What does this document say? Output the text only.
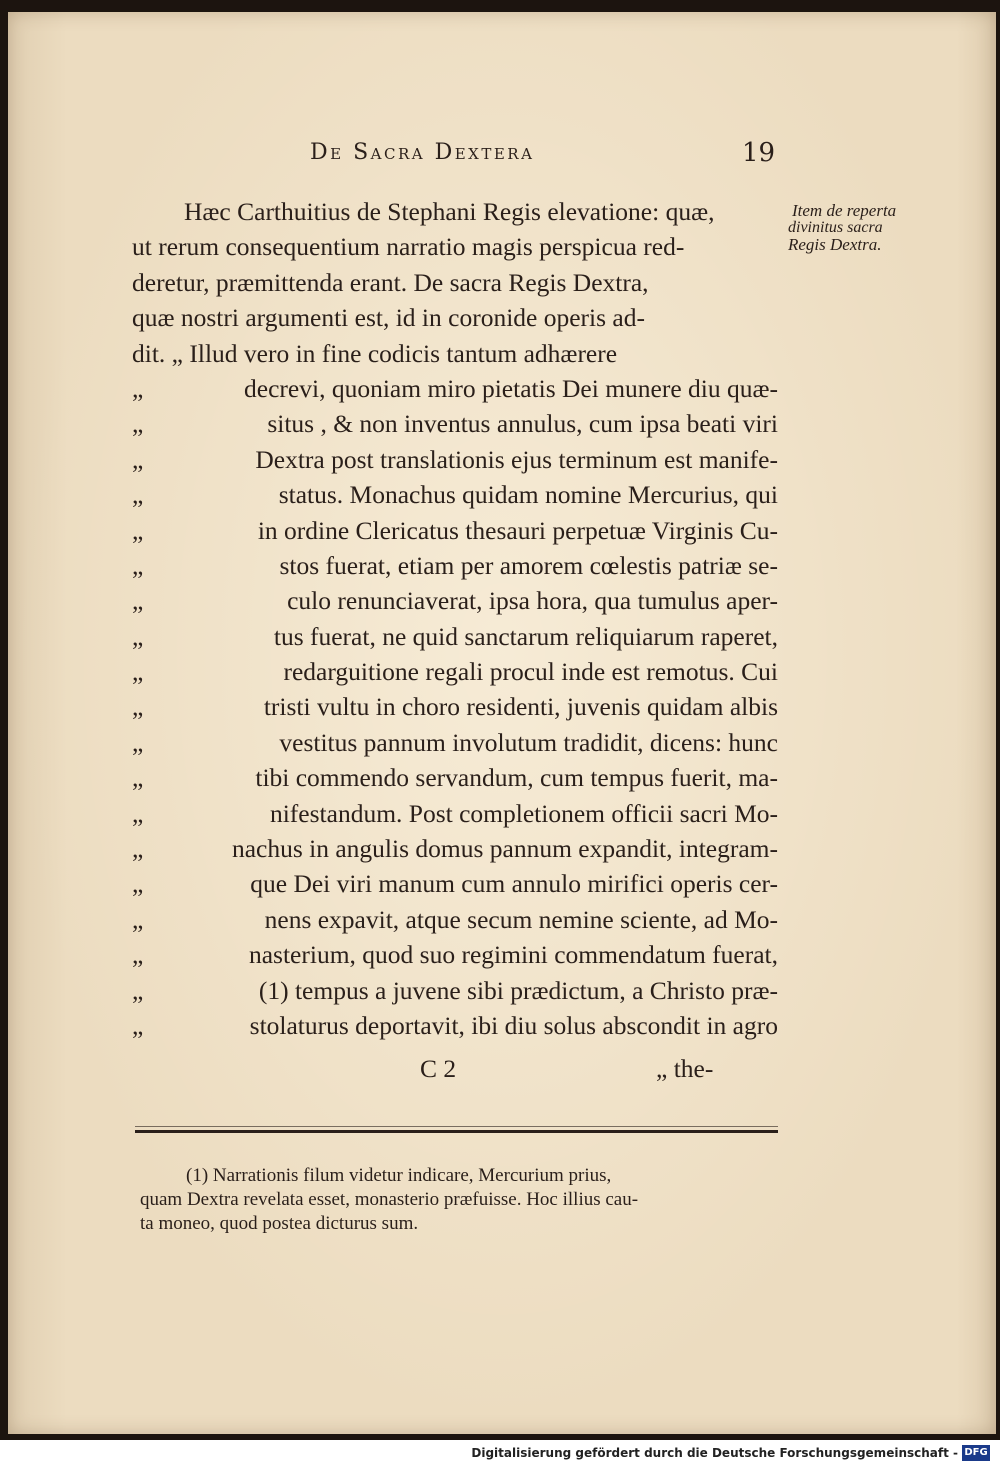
De Sacra Dextera	19
Item de reperta
divinitus sacra
Regis Dextra.
Hæc Carthuitius de Stephani Regis elevatione: quæ,
ut rerum consequentium narratio magis perspicua red-
deretur, præmittenda erant. De sacra Regis Dextra,
quæ nostri argumenti est, id in coronide operis ad-
dit. „ Illud vero in fine codicis tantum adhærere
„	decrevi, quoniam miro pietatis Dei munere diu quæ-
„	situs , & non inventus annulus, cum ipsa beati viri
„	Dextra post translationis ejus terminum est manife-
„	status. Monachus quidam nomine Mercurius, qui
„	in ordine Clericatus thesauri perpetuæ Virginis Cu-
„	stos fuerat, etiam per amorem cœlestis patriæ se-
„	culo renunciaverat, ipsa hora, qua tumulus aper-
„	tus fuerat, ne quid sanctarum reliquiarum raperet,
„	redarguitione regali procul inde est remotus. Cui
„	tristi vultu in choro residenti, juvenis quidam albis
„	vestitus pannum involutum tradidit, dicens: hunc
„	tibi commendo servandum, cum tempus fuerit, ma-
„	nifestandum. Post completionem officii sacri Mo-
„	nachus in angulis domus pannum expandit, integram-
„	que Dei viri manum cum annulo mirifici operis cer-
„	nens expavit, atque secum nemine sciente, ad Mo-
„	nasterium, quod suo regimini commendatum fuerat,
„	(1) tempus a juvene sibi prædictum, a Christo præ-
„	stolaturus deportavit, ibi diu solus abscondit in agro
C 2	„ the-
(1) Narrationis filum videtur indicare, Mercurium prius,
quam Dextra revelata esset, monasterio præfuisse. Hoc illius cau-
ta moneo, quod postea dicturus sum.
Digitalisierung gefördert durch die Deutsche Forschungsgemeinschaft - DFG
